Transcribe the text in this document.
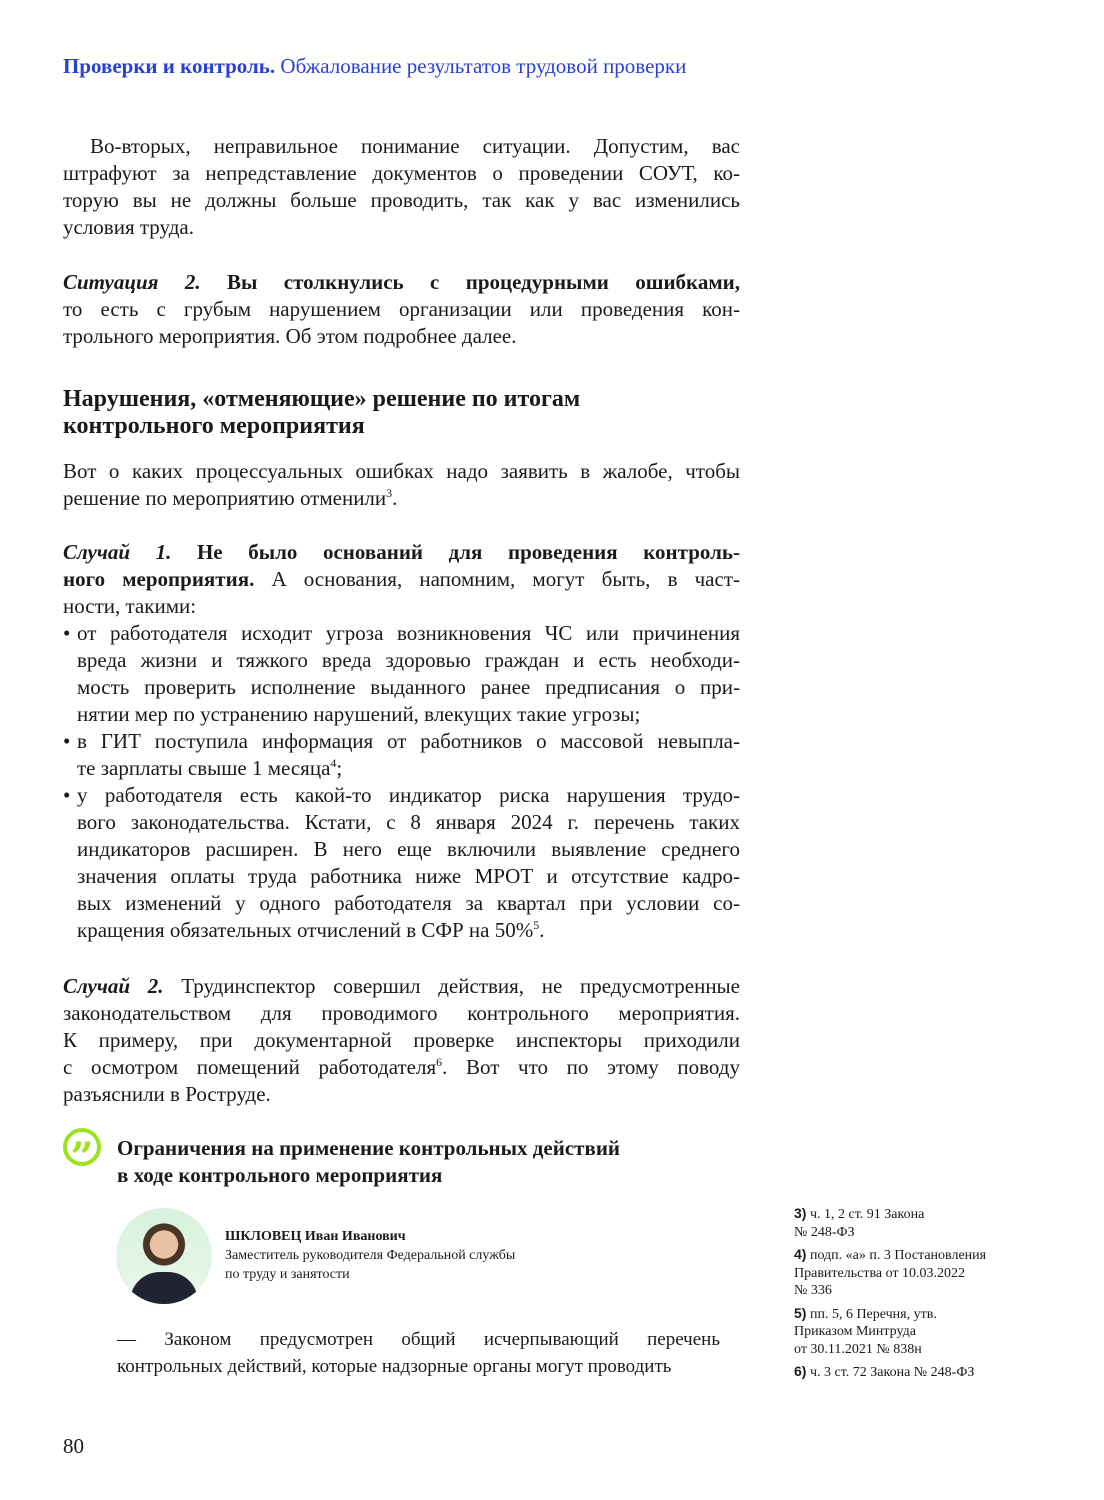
Проверки и контроль. Обжалование результатов трудовой проверки
Во-вторых, неправильное понимание ситуации. Допустим, вас
штрафуют за непредставление документов о проведении СОУТ, ко-
торую вы не должны больше проводить, так как у вас изменились
условия труда.
Ситуация 2. Вы столкнулись с процедурными ошибками,
то есть с грубым нарушением организации или проведения кон-
трольного мероприятия. Об этом подробнее далее.
Нарушения, «отменяющие» решение по итогам
контрольного мероприятия
Вот о каких процессуальных ошибках надо заявить в жалобе, чтобы
решение по мероприятию отменили$^3$.
Случай 1. Не было оснований для проведения контроль-
ного мероприятия. А основания, напомним, могут быть, в част-
ности, такими:
• от работодателя исходит угроза возникновения ЧС или причинения
вреда жизни и тяжкого вреда здоровью граждан и есть необходи-
мость проверить исполнение выданного ранее предписания о при-
нятии мер по устранению нарушений, влекущих такие угрозы;
• в ГИТ поступила информация от работников о массовой невыпла-
те зарплаты свыше 1 месяца$^4$;
• у работодателя есть какой-то индикатор риска нарушения трудо-
вого законодательства. Кстати, с 8 января 2024 г. перечень таких
индикаторов расширен. В него еще включили выявление среднего
значения оплаты труда работника ниже МРОТ и отсутствие кадро-
вых изменений у одного работодателя за квартал при условии со-
кращения обязательных отчислений в СФР на 50%$^5$.
Случай 2. Трудинспектор совершил действия, не предусмотренные
законодательством для проводимого контрольного мероприятия.
К примеру, при документарной проверке инспекторы приходили
с осмотром помещений работодателя$^6$. Вот что по этому поводу
разъяснили в Роструде.
”	Ограничения на применение контрольных действий
в ходе контрольного мероприятия
ШКЛОВЕЦ Иван Иванович
Заместитель руководителя Федеральной службы
по труду и занятости
— Законом предусмотрен общий исчерпывающий перечень
контрольных действий, которые надзорные органы могут проводить
3) ч. 1, 2 ст. 91 Закона
№ 248-ФЗ
4) подп. «а» п. 3 Постановления
Правительства от 10.03.2022
№ 336
5) пп. 5, 6 Перечня, утв.
Приказом Минтруда
от 30.11.2021 № 838н
6) ч. 3 ст. 72 Закона № 248-ФЗ
80
